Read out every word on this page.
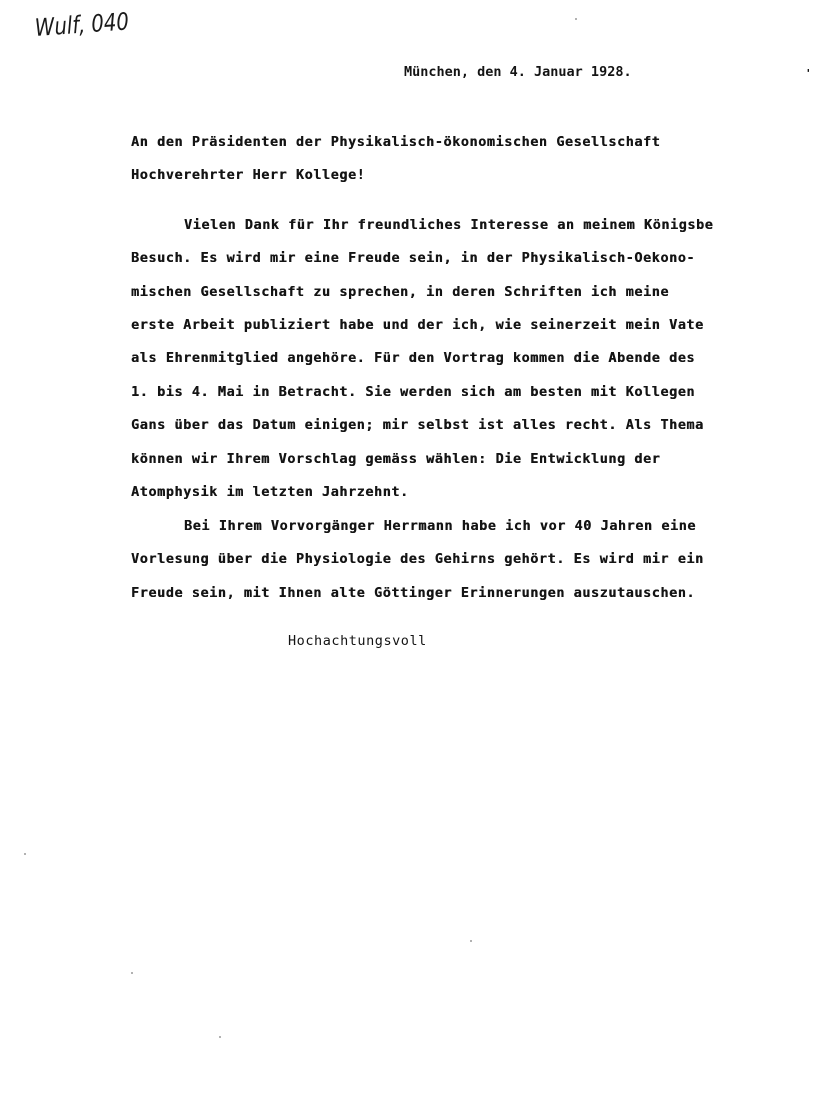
Wulf, 040
München, den 4. Januar 1928.	'
An den Präsidenten der Physikalisch-ökonomischen Gesellschaft
Hochverehrter Herr Kollege!
Vielen Dank für Ihr freundliches Interesse an meinem Königsbe
Besuch. Es wird mir eine Freude sein, in der Physikalisch-Oekono-
mischen Gesellschaft zu sprechen, in deren Schriften ich meine
erste Arbeit publiziert habe und der ich, wie seinerzeit mein Vate
als Ehrenmitglied angehöre. Für den Vortrag kommen die Abende des
1. bis 4. Mai in Betracht. Sie werden sich am besten mit Kollegen
Gans über das Datum einigen; mir selbst ist alles recht. Als Thema
können wir Ihrem Vorschlag gemäss wählen: Die Entwicklung der
Atomphysik im letzten Jahrzehnt.
Bei Ihrem Vorvorgänger Herrmann habe ich vor 40 Jahren eine
Vorlesung über die Physiologie des Gehirns gehört. Es wird mir ein
Freude sein, mit Ihnen alte Göttinger Erinnerungen auszutauschen.
Hochachtungsvoll
